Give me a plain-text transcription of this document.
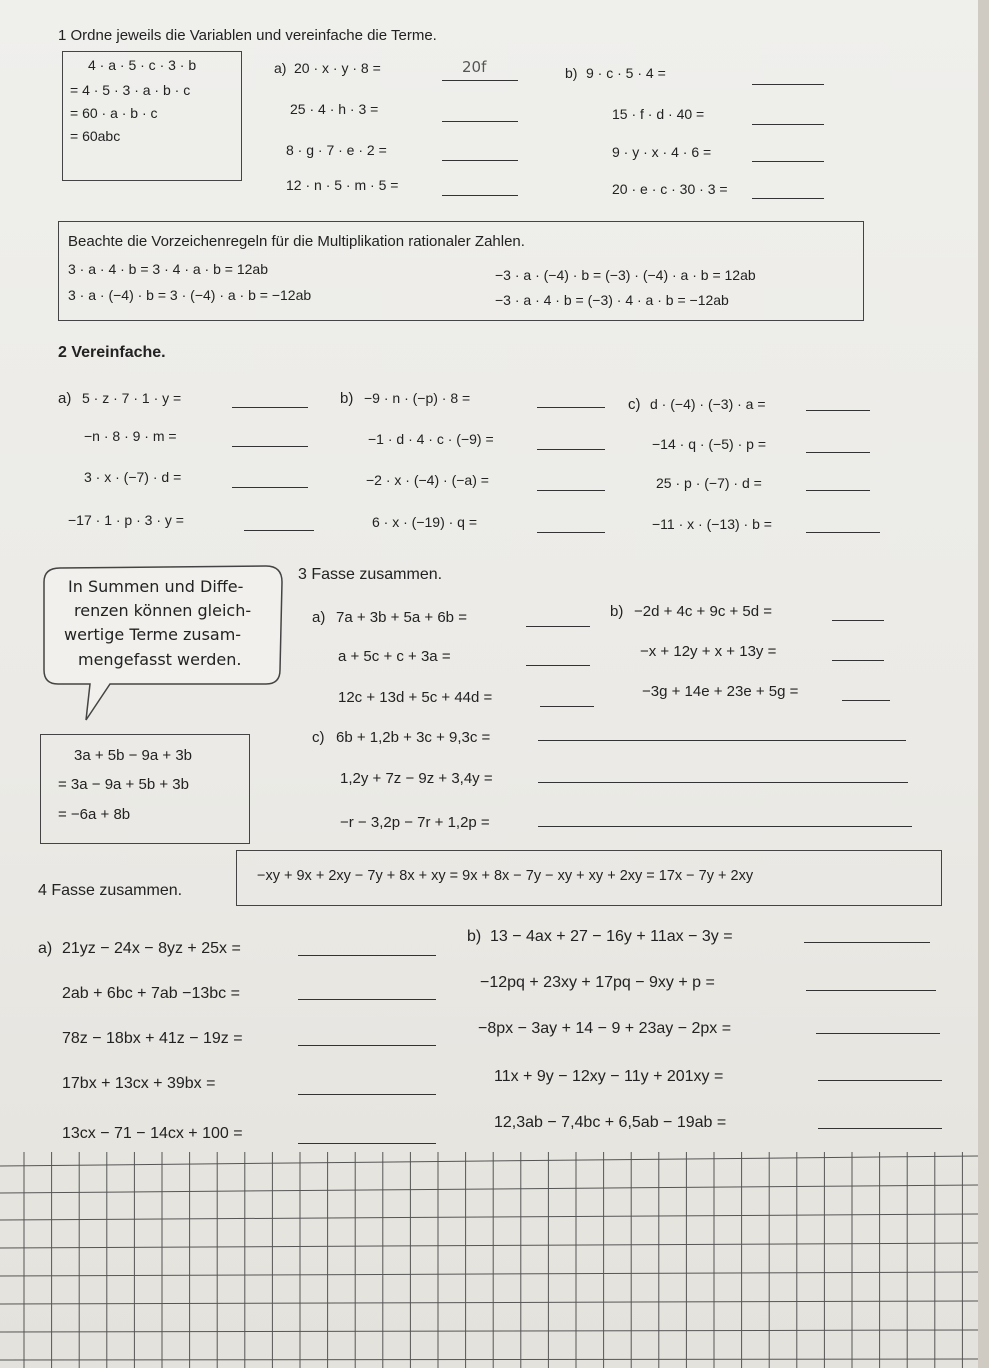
1 Ordne jeweils die Variablen und vereinfache die Terme.
4 · a · 5 · c · 3 · b
= 4 · 5 · 3 · a · b · c
= 60 · a · b · c
= 60abc
a) 20 · x · y · 8 =
25 · 4 · h · 3 =
8 · g · 7 · e · 2 =
12 · n · 5 · m · 5 =
20f	b) 9 · c · 5 · 4 =
15 · f · d · 40 =
9 · y · x · 4 · 6 =
20 · e · c · 30 · 3 =
Beachte die Vorzeichenregeln für die Multiplikation rationaler Zahlen.
3 · a · 4 · b = 3 · 4 · a · b = 12ab
3 · a · (−4) · b = 3 · (−4) · a · b = −12ab
−3 · a · (−4) · b = (−3) · (−4) · a · b = 12ab
−3 · a · 4 · b = (−3) · 4 · a · b = −12ab
2 Vereinfache.
a) 5 · z · 7 · 1 · y =
−n · 8 · 9 · m =
3 · x · (−7) · d =
−17 · 1 · p · 3 · y =
b) −9 · n · (−p) · 8 =
−1 · d · 4 · c · (−9) =
−2 · x · (−4) · (−a) =
6 · x · (−19) · q =
c) d · (−4) · (−3) · a =
−14 · q · (−5) · p =
25 · p · (−7) · d =
−11 · x · (−13) · b =
In Summen und Diffe-
renzen können gleich-
wertige Terme zusam-
mengefasst werden.
3 Fasse zusammen.
a) 7a + 3b + 5a + 6b =
a + 5c + c + 3a =
12c + 13d + 5c + 44d =
b) −2d + 4c + 9c + 5d =
−x + 12y + x + 13y =
−3g + 14e + 23e + 5g =
3a + 5b − 9a + 3b
= 3a − 9a + 5b + 3b
= −6a + 8b
c) 6b + 1,2b + 3c + 9,3c =
1,2y + 7z − 9z + 3,4y =
−r − 3,2p − 7r + 1,2p =
4 Fasse zusammen.
−xy + 9x + 2xy − 7y + 8x + xy = 9x + 8x − 7y − xy + xy + 2xy = 17x − 7y + 2xy
a) 21yz − 24x − 8yz + 25x =
2ab + 6bc + 7ab −13bc =
78z − 18bx + 41z − 19z =
17bx + 13cx + 39bx =
13cx − 71 − 14cx + 100 =
b) 13 − 4ax + 27 − 16y + 11ax − 3y =
−12pq + 23xy + 17pq − 9xy + p =
−8px − 3ay + 14 − 9 + 23ay − 2px =
11x + 9y − 12xy − 11y + 201xy =
12,3ab − 7,4bc + 6,5ab − 19ab =
